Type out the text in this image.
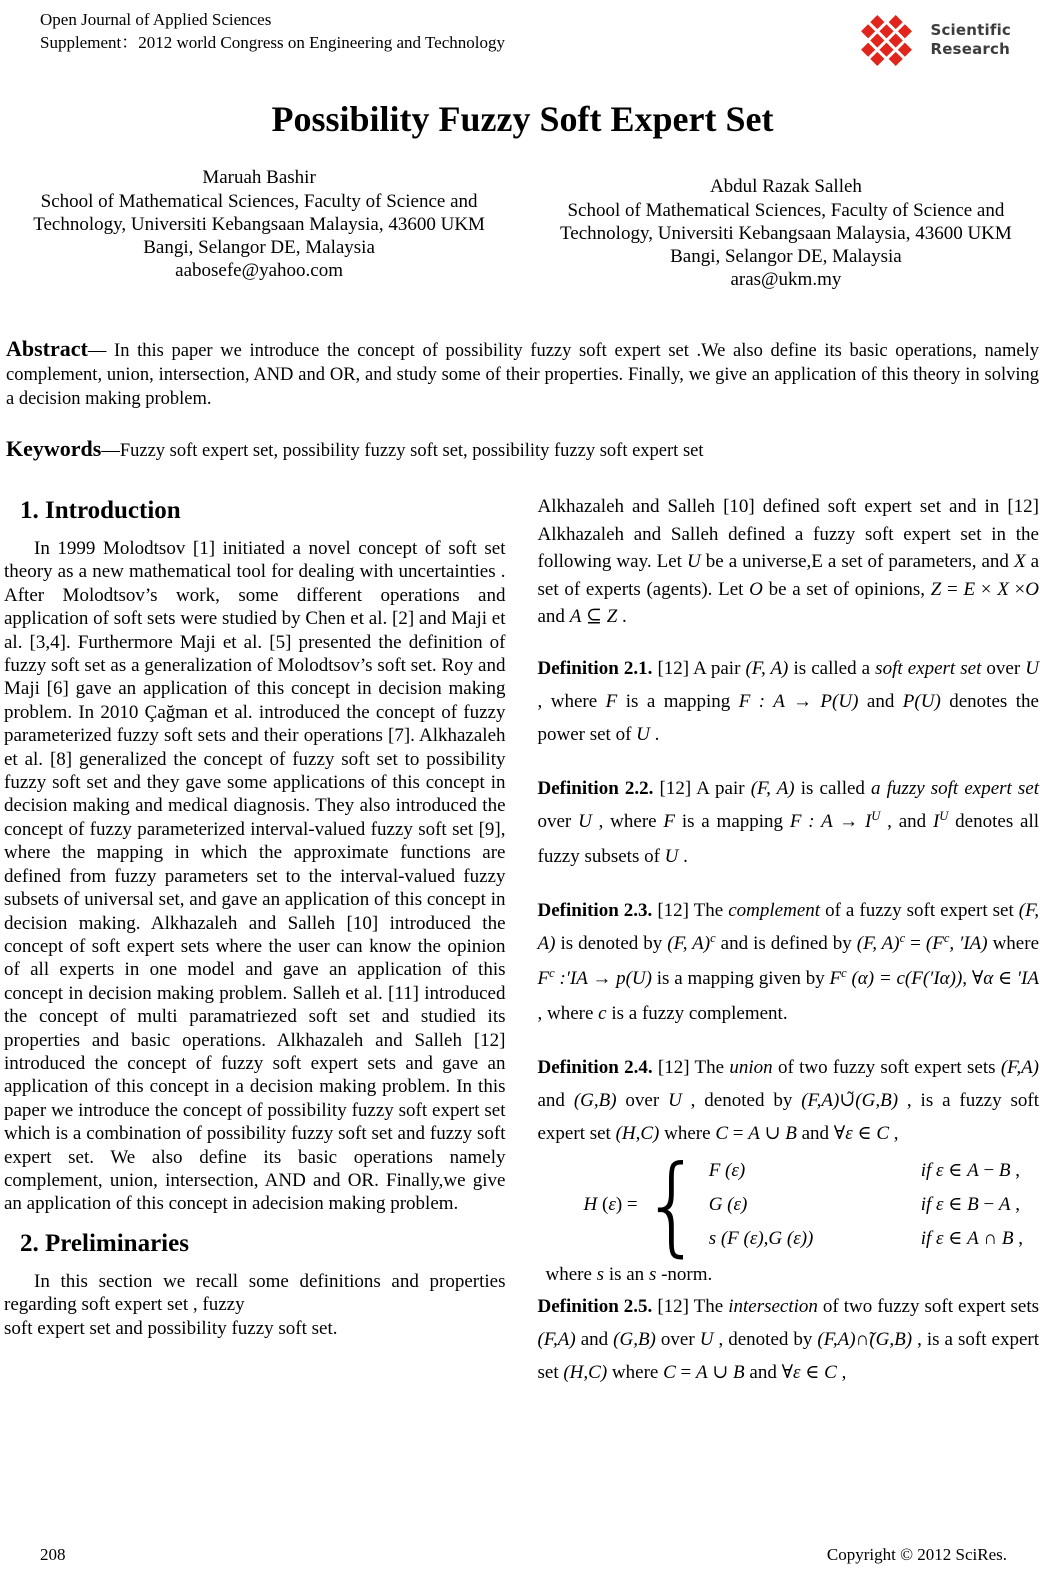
Open Journal of Applied Sciences
Supplement：2012 world Congress on Engineering and Technology
Scientific
Research
Possibility Fuzzy Soft Expert Set
Maruah Bashir
School of Mathematical Sciences, Faculty of Science and
Technology, Universiti Kebangsaan Malaysia, 43600 UKM
Bangi, Selangor DE, Malaysia
aabosefe@yahoo.com
Abdul Razak Salleh
School of Mathematical Sciences, Faculty of Science and
Technology, Universiti Kebangsaan Malaysia, 43600 UKM
Bangi, Selangor DE, Malaysia
aras@ukm.my

Abstract— In this paper we introduce the concept of possibility fuzzy soft expert set .We also define its basic operations, namely complement, union, intersection, AND and OR, and study some of their properties. Finally, we give an application of this theory in solving a decision making problem.

Keywords—Fuzzy soft expert set, possibility fuzzy soft set, possibility fuzzy soft expert set

1. Introduction

In 1999 Molodtsov [1] initiated a novel concept of soft set theory as a new mathematical tool for dealing with uncertainties . After Molodtsov’s work, some different operations and application of soft sets were studied by Chen et al. [2] and Maji et al. [3,4]. Furthermore Maji et al. [5] presented the definition of fuzzy soft set as a generalization of Molodtsov’s soft set. Roy and Maji [6] gave an application of this concept in decision making problem. In 2010 Çağman et al. introduced the concept of fuzzy parameterized fuzzy soft sets and their operations [7]. Alkhazaleh et al. [8] generalized the concept of fuzzy soft set to possibility fuzzy soft set and they gave some applications of this concept in decision making and medical diagnosis. They also introduced the concept of fuzzy parameterized interval-valued fuzzy soft set [9], where the mapping in which the approximate functions are defined from fuzzy parameters set to the interval-valued fuzzy subsets of universal set, and gave an application of this concept in decision making. Alkhazaleh and Salleh [10] introduced the concept of soft expert sets where the user can know the opinion of all experts in one model and gave an application of this concept in decision making problem. Salleh et al. [11] introduced the concept of multi paramatriezed soft set and studied its properties and basic operations. Alkhazaleh and Salleh [12] introduced the concept of fuzzy soft expert sets and gave an application of this concept in a decision making problem. In this paper we introduce the concept of possibility fuzzy soft expert set which is a combination of possibility fuzzy soft set and fuzzy soft expert set. We also define its basic operations namely complement, union, intersection, AND and OR. Finally,we give an application of this concept in adecision making problem.

2. Preliminaries

In this section we recall some definitions and properties regarding soft expert set , fuzzy

soft expert set and possibility fuzzy soft set.

Alkhazaleh and Salleh [10] defined soft expert set and in [12] Alkhazaleh and Salleh defined a fuzzy soft expert set in the following way. Let U be a universe,E a set of parameters, and X a set of experts (agents). Let O be a set of opinions, Z = E × X ×O and A ⊆ Z .

Definition 2.1. [12] A pair (F, A) is called a soft expert set over U , where F is a mapping F : A → P(U) and P(U) denotes the power set of U .

Definition 2.2. [12] A pair (F, A) is called a fuzzy soft expert set over U , where F is a mapping F : $A \to I^U$ , and $I^U$ denotes all fuzzy subsets of U .

Definition 2.3. [12] The complement of a fuzzy soft expert set (F, A) is denoted by (F, A)$^c$ and is defined by (F, $A)^c = (F^c$, ′IA) where $F^c$ :′IA → p(U) is a mapping given by $F^c$ (α) = c(F(′Iα)), ∀α ∈ ′IA , where c is a fuzzy complement.

Definition 2.4. [12] The union of two fuzzy soft expert sets (F,A) and (G,B) over U , denoted by (F,A)∪̃(G,B) , is a fuzzy soft expert set (H,C) where C = A ∪ B and ∀ε ∈ C ,

H (ε) = { F (ε)	if ε ∈ A − B ,
G (ε)	if ε ∈ B − A ,
s (F (ε),G (ε))	if ε ∈ A ∩ B ,

where s is an s -norm.

Definition 2.5. [12] The intersection of two fuzzy soft expert sets (F,A) and (G,B) over U , denoted by (F,A)∩̃(G,B) , is a soft expert set (H,C) where C = A ∪ B and ∀ε ∈ C ,

208	Copyright © 2012 SciRes.
